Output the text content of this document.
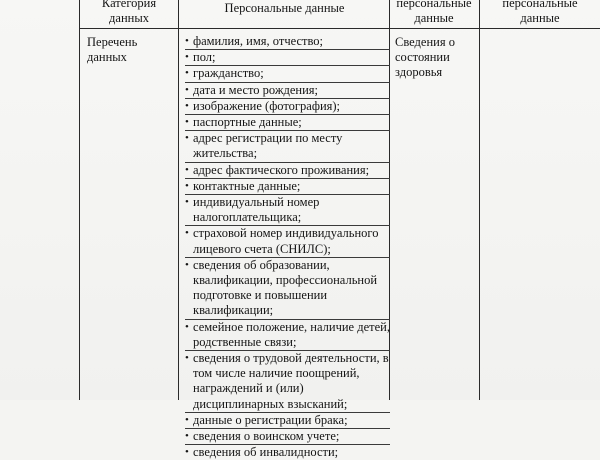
Категория данных
Персональные данные	персональные данные
персональные данные
Перечень данных
• фамилия, имя, отчество;
• пол;
• гражданство;
• дата и место рождения;
• изображение (фотография);
• паспортные данные;
• адрес регистрации по месту жительства;
• адрес фактического проживания;
• контактные данные;
• индивидуальный номер налогоплательщика;
• страховой номер индивидуального лицевого счета (СНИЛС);
• сведения об образовании, квалификации, профессиональной подготовке и повышении квалификации;
• семейное положение, наличие детей, родственные связи;
• сведения о трудовой деятельности, в том числе наличие поощрений, награждений и (или) дисциплинарных взысканий;
• данные о регистрации брака;
• сведения о воинском учете;
• сведения об инвалидности;
Сведения о состоянии здоровья
